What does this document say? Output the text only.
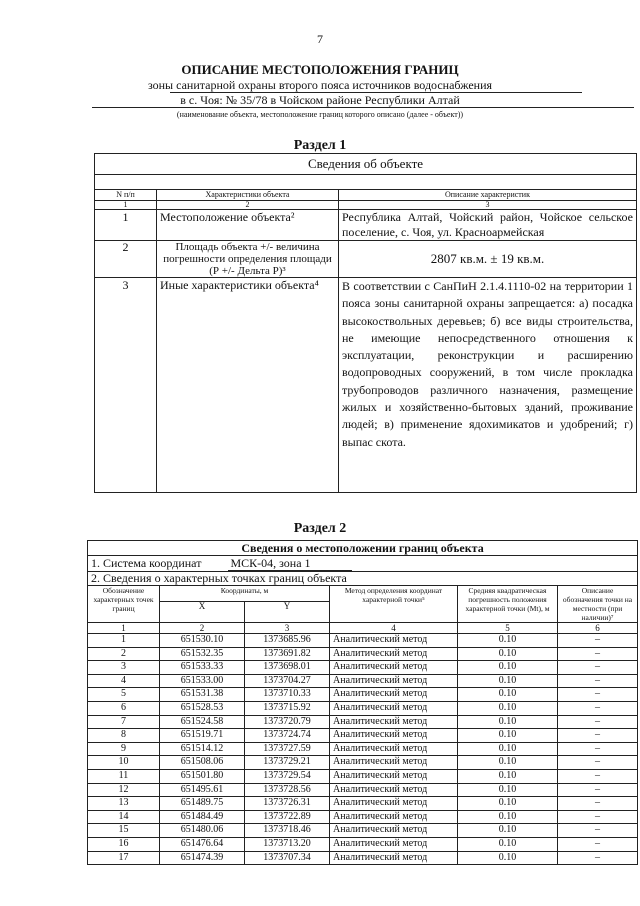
7
ОПИСАНИЕ МЕСТОПОЛОЖЕНИЯ ГРАНИЦ
зоны санитарной охраны второго пояса источников водоснабжения
в с. Чоя: № 35/78 в Чойском районе Республики Алтай
(наименование объекта, местоположение границ которого описано (далее - объект))
Раздел 1
Сведения об объекте		

N п/п	Характеристики объекта	Описание характеристик
1	2	3
1	Местоположение объекта²	Республика Алтай, Чойский район, Чойское сельское поселение, с. Чоя, ул. Красноармейская
2	Площадь объекта +/- величина погрешности определения площади (Р +/- Дельта Р)³	2807 кв.м. ± 19 кв.м.
3	Иные характеристики объекта⁴	В соответствии с СанПиН 2.1.4.1110-02 на территории 1 пояса зоны санитарной охраны запрещается: а) посадка высокоствольных деревьев; б) все виды строительства, не имеющие непосредственного отношения к эксплуатации, реконструкции и расширению водопроводных сооружений, в том числе прокладка трубопроводов различного назначения, размещение жилых и хозяйственно-бытовых зданий, проживание людей; в) применение ядохимикатов и удобрений; г) выпас скота.
Раздел 2
Сведения о местоположении границ объекта					
1. Система координат МСК-04, зона 1					
2. Сведения о характерных точках границ объекта					
Обозначение характерных точек границ	Координаты, м		Метод определения координат характерной точки⁵	Средняя квадратическая погрешность положения характерной точки (Mt), м	Описание обозначения точки на местности (при наличии)⁷
	X	Y			
1	2	3	4	5	6
1	651530.10	1373685.96	Аналитический метод	0.10	–
2	651532.35	1373691.82	Аналитический метод	0.10	–
3	651533.33	1373698.01	Аналитический метод	0.10	–
4	651533.00	1373704.27	Аналитический метод	0.10	–
5	651531.38	1373710.33	Аналитический метод	0.10	–
6	651528.53	1373715.92	Аналитический метод	0.10	–
7	651524.58	1373720.79	Аналитический метод	0.10	–
8	651519.71	1373724.74	Аналитический метод	0.10	–
9	651514.12	1373727.59	Аналитический метод	0.10	–
10	651508.06	1373729.21	Аналитический метод	0.10	–
11	651501.80	1373729.54	Аналитический метод	0.10	–
12	651495.61	1373728.56	Аналитический метод	0.10	–
13	651489.75	1373726.31	Аналитический метод	0.10	–
14	651484.49	1373722.89	Аналитический метод	0.10	–
15	651480.06	1373718.46	Аналитический метод	0.10	–
16	651476.64	1373713.20	Аналитический метод	0.10	–
17	651474.39	1373707.34	Аналитический метод	0.10	–
